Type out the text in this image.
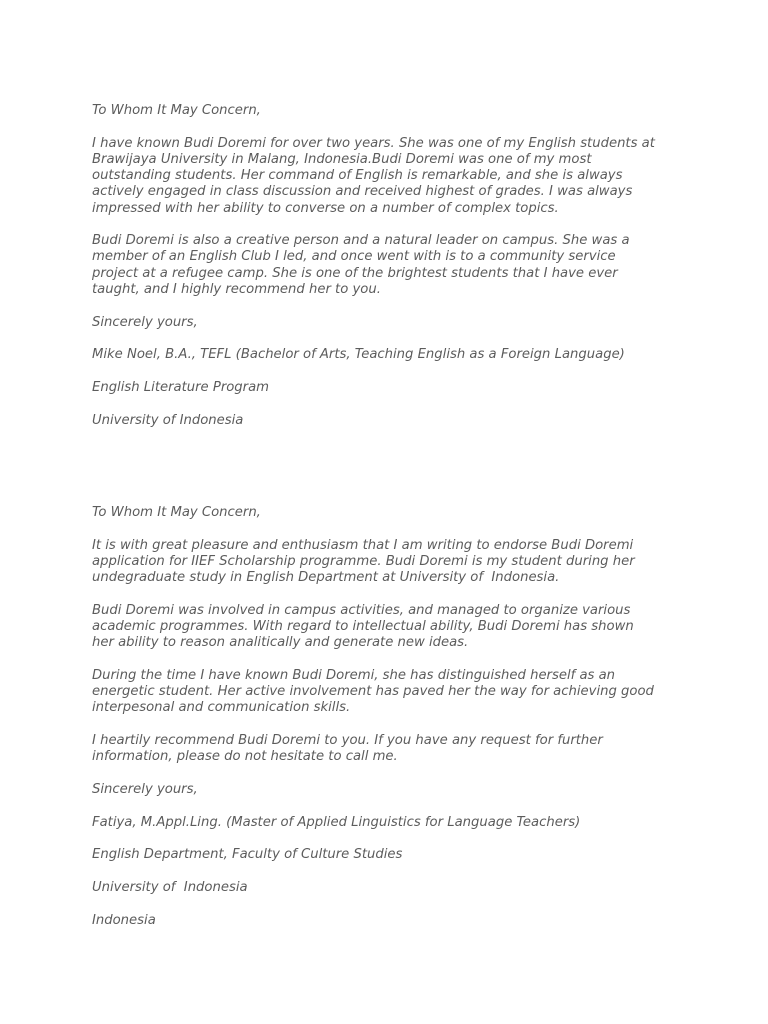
To Whom It May Concern,

I have known Budi Doremi for over two years. She was one of my English students at
Brawijaya University in Malang, Indonesia.Budi Doremi was one of my most
outstanding students. Her command of English is remarkable, and she is always
actively engaged in class discussion and received highest of grades. I was always
impressed with her ability to converse on a number of complex topics.

Budi Doremi is also a creative person and a natural leader on campus. She was a
member of an English Club I led, and once went with is to a community service
project at a refugee camp. She is one of the brightest students that I have ever
taught, and I highly recommend her to you.

Sincerely yours,

Mike Noel, B.A., TEFL (Bachelor of Arts, Teaching English as a Foreign Language)

English Literature Program

University of Indonesia

To Whom It May Concern,

It is with great pleasure and enthusiasm that I am writing to endorse Budi Doremi
application for IIEF Scholarship programme. Budi Doremi is my student during her
undegraduate study in English Department at University of  Indonesia.

Budi Doremi was involved in campus activities, and managed to organize various
academic programmes. With regard to intellectual ability, Budi Doremi has shown
her ability to reason analitically and generate new ideas.

During the time I have known Budi Doremi, she has distinguished herself as an
energetic student. Her active involvement has paved her the way for achieving good
interpesonal and communication skills.

I heartily recommend Budi Doremi to you. If you have any request for further
information, please do not hesitate to call me.

Sincerely yours,

Fatiya, M.Appl.Ling. (Master of Applied Linguistics for Language Teachers)

English Department, Faculty of Culture Studies

University of  Indonesia

Indonesia
